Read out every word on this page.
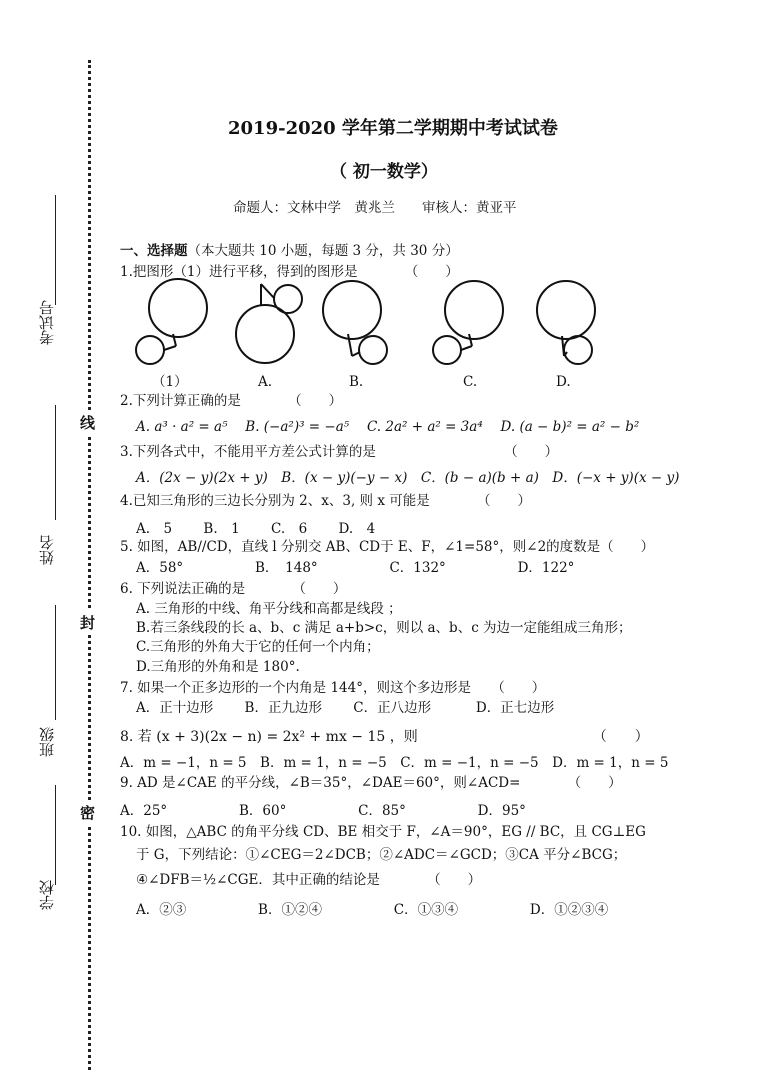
考试号
姓名
班级
学校
线
封
密
2019-2020 学年第二学期期中考试试卷
（ 初一数学）
命题人：文林中学　黄兆兰　　审核人：黄亚平
一、选择题（本大题共 10 小题，每题 3 分，共 30 分）
1.把图形（1）进行平移，得到的图形是　　　　（　　）
（1）	A.	B.	C.	D.
2.下列计算正确的是　　　　（　　）
A. a³ · a² = a⁵　 B. (−a²)³ = −a⁵　 C. 2a² + a² = 3a⁴　 D. (a − b)² = a² − b²
3.下列各式中，不能用平方差公式计算的是　　　　　　　　　　（　　）
A．(2x − y)(2x + y)　B．(x − y)(−y − x)　C．(b − a)(b + a)　D．(−x + y)(x − y)
4.已知三角形的三边长分别为 2、x、3, 则 x 可能是　　　　（　　）
A.　5　　 B.　1　　 C.　6　　 D.　4
5. 如图，AB//CD，直线 l 分别交 AB、CD于 E、F，∠1=58°，则∠2的度数是（　　）
A．58°　　　　　 B．　148°　　　　　 C．132°　　　　　 D．122°
6. 下列说法正确的是　　　　（　　）
A. 三角形的中线、角平分线和高都是线段 ；
B.若三条线段的长 a、b、c 满足 a+b>c，则以 a、b、c 为边一定能组成三角形；
C.三角形的外角大于它的任何一个内角；
D.三角形的外角和是 180°.
7. 如果一个正多边形的一个内角是 144°，则这个多边形是　　（　　）
A．正十边形　　 B．正九边形　　 C．正八边形　　　 D．正七边形
8. 若 (x + 3)(2x − n) = 2x² + mx − 15 ，则　　　　　　　　　　　　　（　　）
A．m = −1，n = 5　B．m = 1，n = −5　C．m = −1，n = −5　D．m = 1，n = 5
9. AD 是∠CAE 的平分线，∠B＝35°，∠DAE＝60°，则∠ACD=　　　　（　　）
A．25°　　　　　 B．60°　　　　　 C．85°　　　　　 D．95°
10. 如图，△ABC 的角平分线 CD、BE 相交于 F，∠A＝90°，EG // BC，且 CG⊥EG
于 G，下列结论：①∠CEG＝2∠DCB；②∠ADC＝∠GCD；③CA 平分∠BCG；
④∠DFB＝½∠CGE．其中正确的结论是　　　　（　　）
A．②③　　　　　 B．①②④　　　　　 C．①③④　　　　　 D．①②③④
